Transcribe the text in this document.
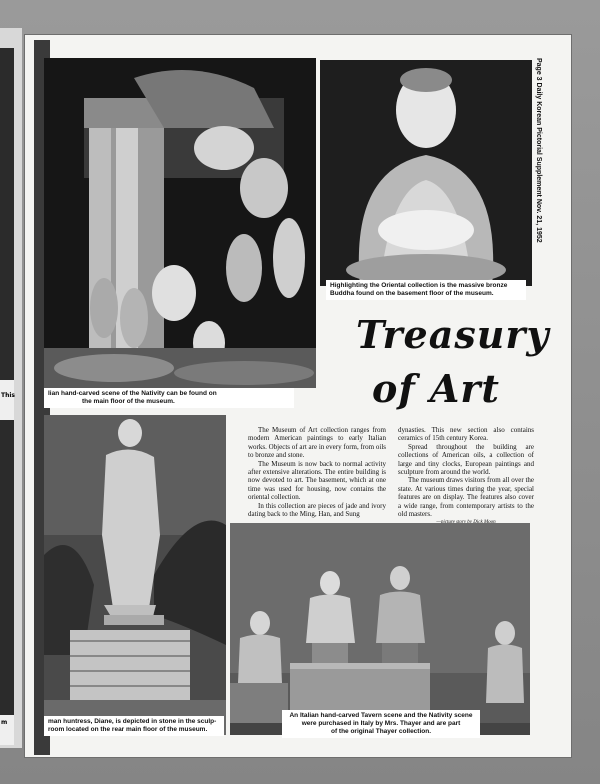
This
m
lian hand-carved scene of the Nativity can be found on
the main floor of the museum.
Highlighting the Oriental collection is the massive bronze Buddha found on the basement floor of the museum.
Page 3 Daily Korean Pictorial Supplement Nov. 21, 1952
Treasury
of Art
man huntress, Diane, is depicted in stone in the sculp-
room located on the rear main floor of the museum.

The Museum of Art collection ranges from modern American paintings to early Italian works. Objects of art are in every form, from oils to bronze and stone.

The Museum is now back to normal activity after extensive alterations. The entire building is now devoted to art. The basement, which at one time was used for housing, now contains the oriental collection.

In this collection are pieces of jade and ivory dating back to the Ming, Han, and Sung

dynasties. This new section also contains ceramics of 15th century Korea.

Spread throughout the building are collections of American oils, a collection of large and tiny clocks, European paintings and sculpture from around the world.

The museum draws visitors from all over the state. At various times during the year, special features are on display. The features also cover a wide range, from contemporary artists to the old masters.

An Italian hand-carved Tavern scene and the Nativity scene
were purchased in Italy by Mrs. Thayer and are part
of the original Thayer collection.
